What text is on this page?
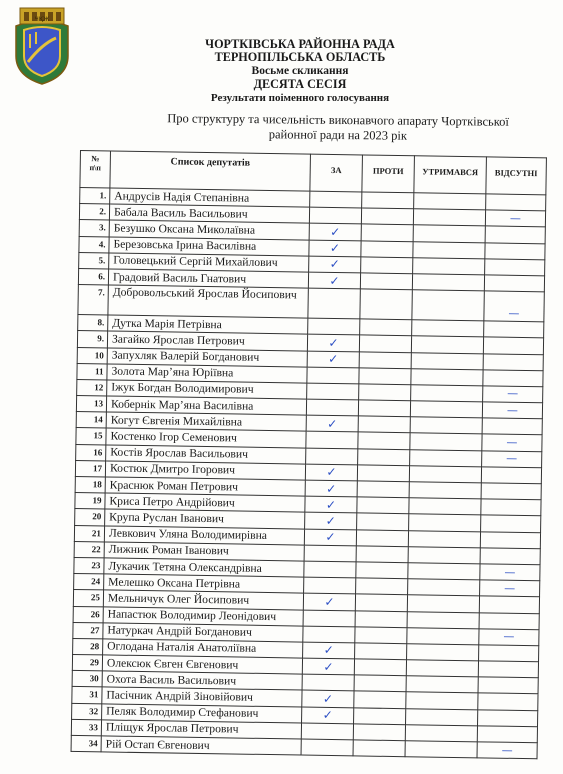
ЧҚЖ
ЧОРТКІВСЬКА РАЙОННА РАДА
ТЕРНОПІЛЬСЬКА ОБЛАСТЬ
Восьме скликання
ДЕСЯТА СЕСІЯ
Результати поіменного голосування
Про структуру та чисельність виконавчого апарату Чортківської
районної ради на 2023 рік
№
п\п	Список депутатів	ЗА	ПРОТИ	УТРИМАВСЯ	ВІДСУТНІ
1.	Андрусів Надія Степанівна				
2.	Бабала Василь Васильович				—
3.	Безушко Оксана Миколаївна	✓			
4.	Березовська Ірина Василівна	✓			
5.	Головецький Сергій Михайлович	✓			
6.	Градовий Василь Гнатович	✓			
7.	Добровольський Ярослав Йосипович				—
8.	Дутка Марія Петрівна				
9.	Загайко Ярослав Петрович	✓			
10	Запухляк Валерій Богданович	✓			
11	Золота Мар’яна Юріївна				
12	Іжук Богдан Володимирович				—
13	Кобернік Мар’яна Василівна				—
14	Когут Євгенія Михайлівна	✓			
15	Костенко Ігор Семенович				—
16	Костів Ярослав Васильович				—
17	Костюк Дмитро Ігорович	✓			
18	Краснюк Роман Петрович	✓			
19	Криса Петро Андрійович	✓			
20	Крупа Руслан Іванович	✓			
21	Левкович Уляна Володимирівна	✓			
22	Лижник Роман Іванович				
23	Лукачик Тетяна Олександрівна				—
24	Мелешко Оксана Петрівна				—
25	Мельничук Олег Йосипович	✓			
26	Напастюк Володимир Леонідович				
27	Натуркач Андрій Богданович				—
28	Оглодана Наталія Анатоліївна	✓			
29	Олексюк Євген Євгенович	✓			
30	Охота Василь Васильович				
31	Пасічник Андрій Зіновійович	✓			
32	Пеляк Володимир Стефанович	✓			
33	Пліщук Ярослав Петрович				
34	Рій Остап Євгенович				—
